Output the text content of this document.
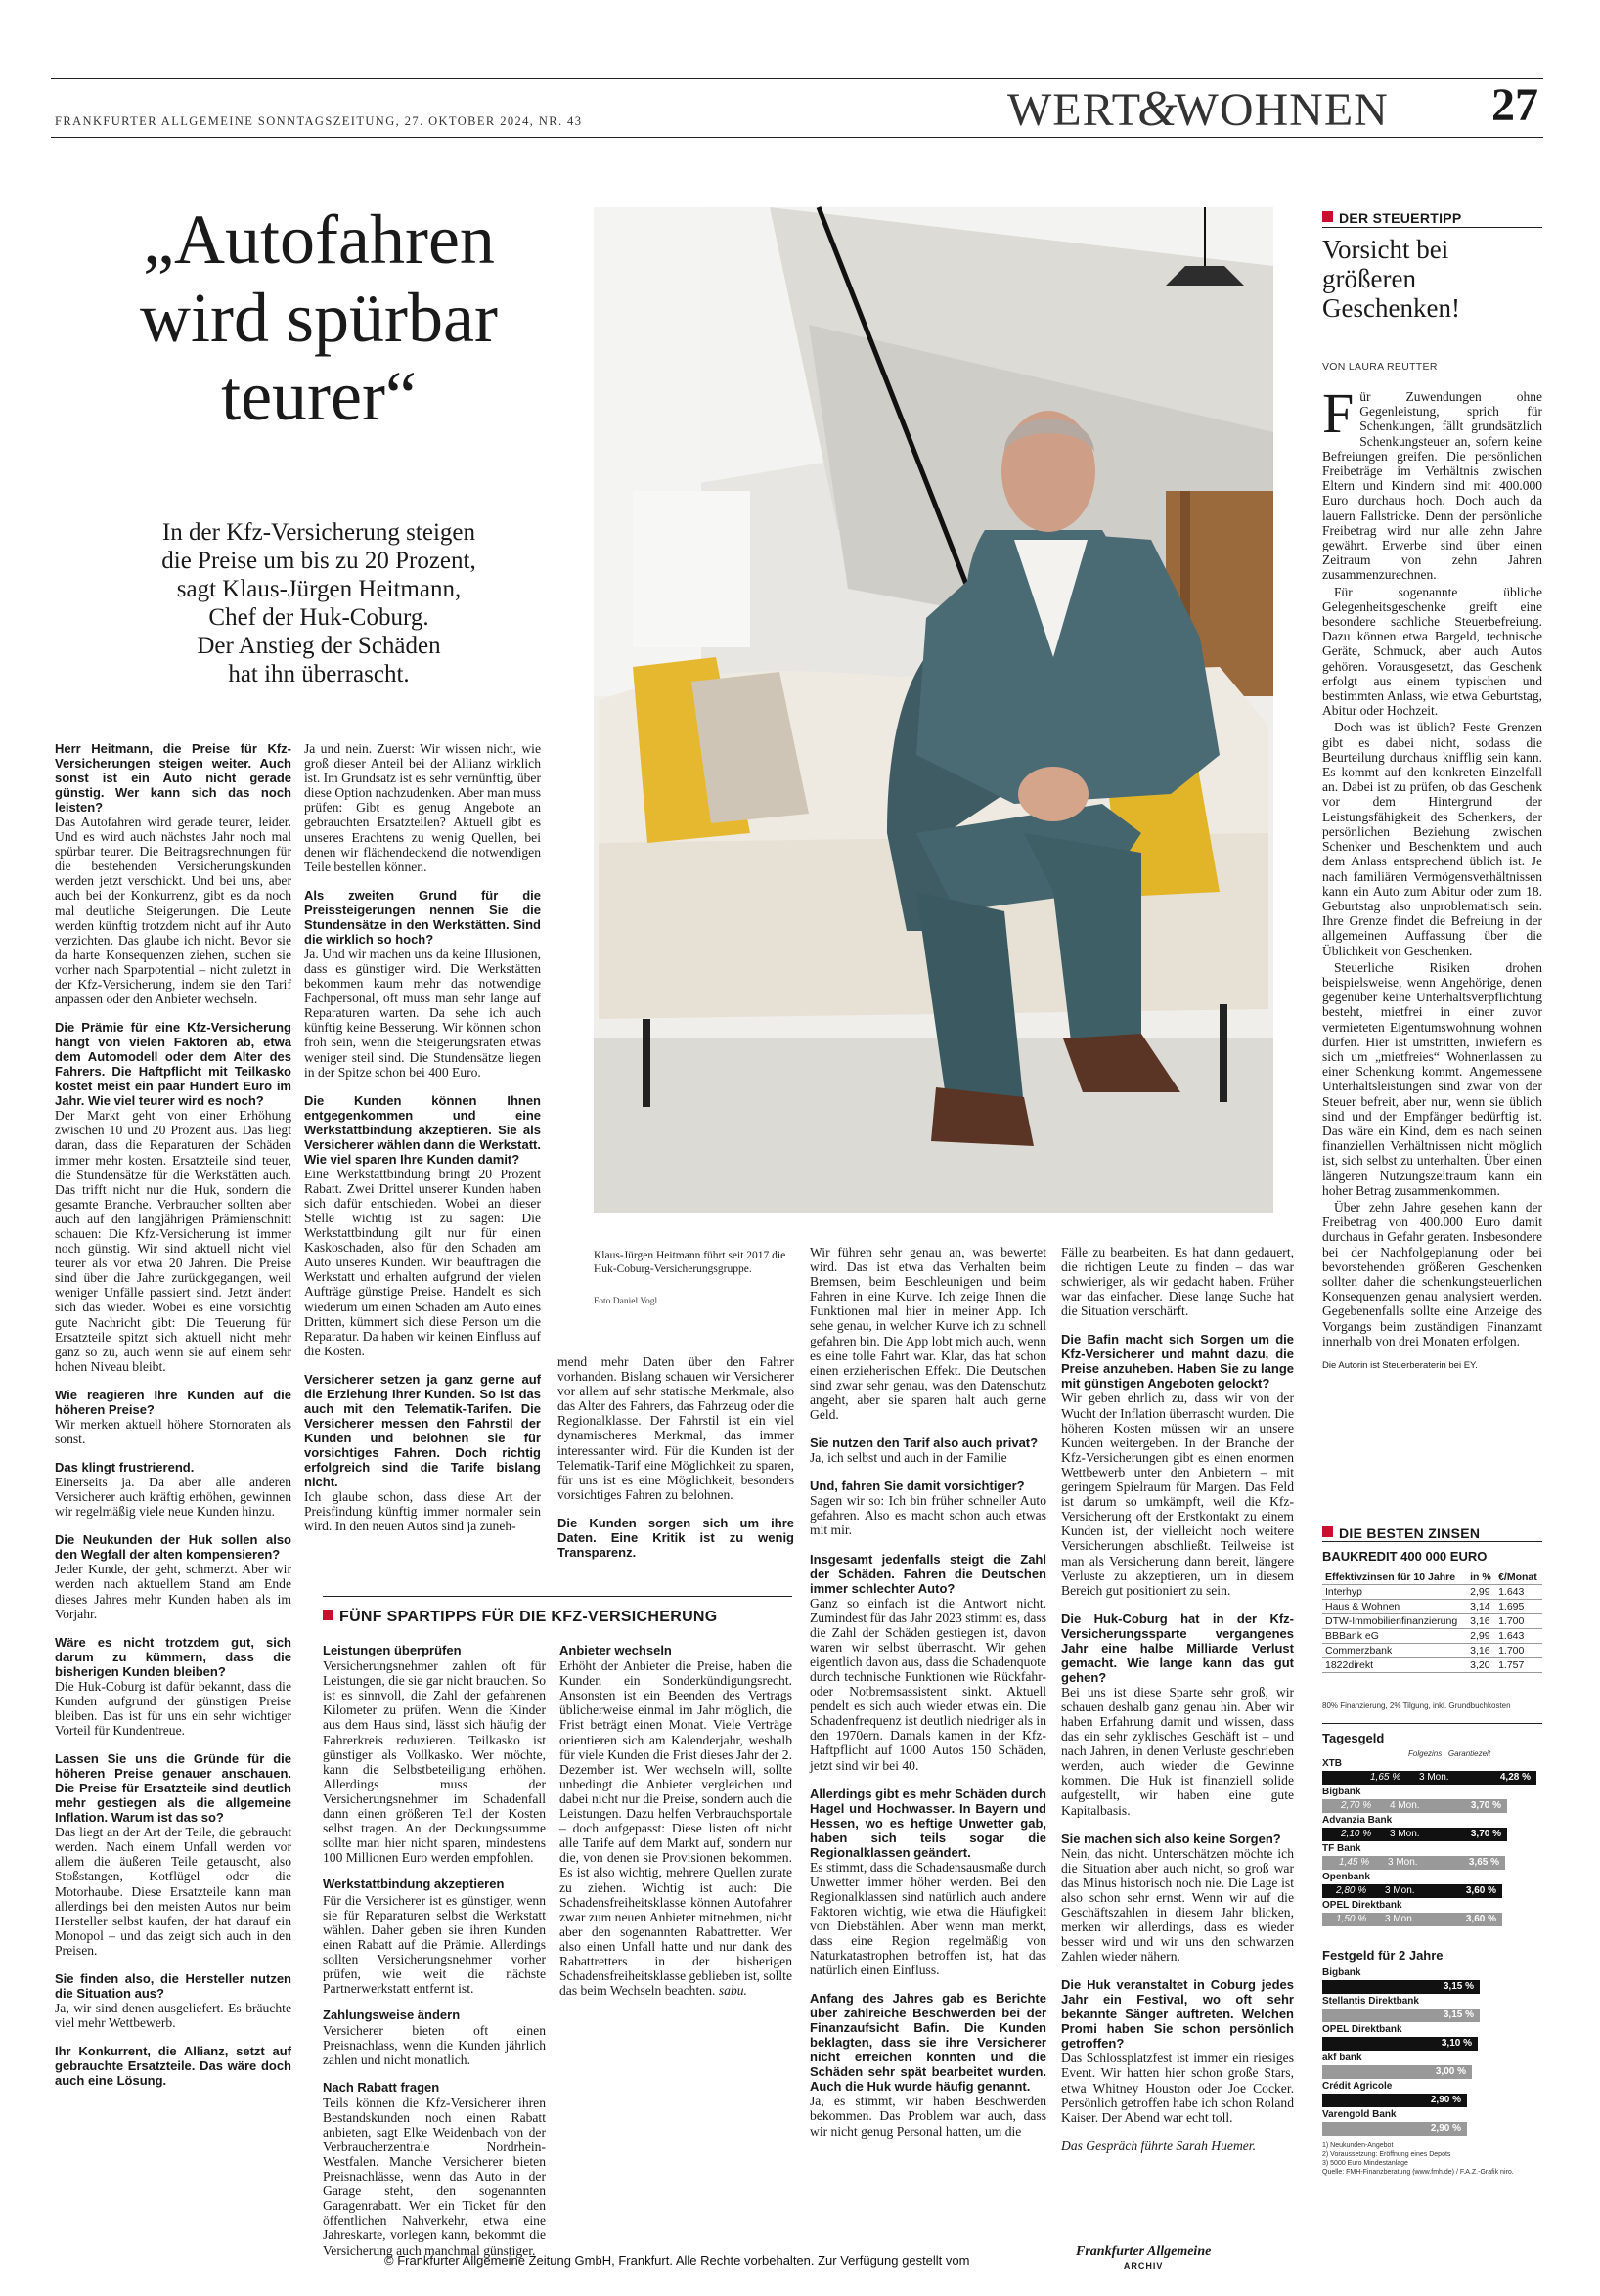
FRANKFURTER ALLGEMEINE SONNTAGSZEITUNG, 27. OKTOBER 2024, NR. 43	WERT&WOHNEN 27
„Autofahren
wird spürbar
teurer“
In der Kfz-Versicherung steigen
die Preise um bis zu 20 Prozent,
sagt Klaus-Jürgen Heitmann,
Chef der Huk-Coburg.
Der Anstieg der Schäden
hat ihn überrascht.
Klaus-Jürgen Heitmann führt seit 2017 die Huk-Coburg-Versicherungsgruppe.
Foto Daniel Vogl

Herr Heitmann, die Preise für Kfz-Versicherungen steigen weiter. Auch sonst ist ein Auto nicht gerade günstig. Wer kann sich das noch leisten?
Das Autofahren wird gerade teurer, leider. Und es wird auch nächstes Jahr noch mal spürbar teurer. Die Beitragsrechnungen für die bestehenden Versicherungskunden werden jetzt verschickt. Und bei uns, aber auch bei der Konkurrenz, gibt es da noch mal deutliche Steigerungen. Die Leute werden künftig trotzdem nicht auf ihr Auto verzichten. Das glaube ich nicht. Bevor sie da harte Konsequenzen ziehen, suchen sie vorher nach Sparpotential – nicht zuletzt in der Kfz-Versicherung, indem sie den Tarif anpassen oder den Anbieter wechseln.

Die Prämie für eine Kfz-Versicherung hängt von vielen Faktoren ab, etwa dem Automodell oder dem Alter des Fahrers. Die Haftpflicht mit Teilkasko kostet meist ein paar Hundert Euro im Jahr. Wie viel teurer wird es noch?
Der Markt geht von einer Erhöhung zwischen 10 und 20 Prozent aus. Das liegt daran, dass die Reparaturen der Schäden immer mehr kosten. Ersatzteile sind teuer, die Stundensätze für die Werkstätten auch. Das trifft nicht nur die Huk, sondern die gesamte Branche. Verbraucher sollten aber auch auf den langjährigen Prämienschnitt schauen: Die Kfz-Versicherung ist immer noch günstig. Wir sind aktuell nicht viel teurer als vor etwa 20 Jahren. Die Preise sind über die Jahre zurückgegangen, weil weniger Unfälle passiert sind. Jetzt ändert sich das wieder. Wobei es eine vorsichtig gute Nachricht gibt: Die Teuerung für Ersatzteile spitzt sich aktuell nicht mehr ganz so zu, auch wenn sie auf einem sehr hohen Niveau bleibt.

Wie reagieren Ihre Kunden auf die höheren Preise?
Wir merken aktuell höhere Stornoraten als sonst.

Das klingt frustrierend.
Einerseits ja. Da aber alle anderen Versicherer auch kräftig erhöhen, gewinnen wir regelmäßig viele neue Kunden hinzu.

Die Neukunden der Huk sollen also den Wegfall der alten kompensieren?
Jeder Kunde, der geht, schmerzt. Aber wir werden nach aktuellem Stand am Ende dieses Jahres mehr Kunden haben als im Vorjahr.

Wäre es nicht trotzdem gut, sich darum zu kümmern, dass die bisherigen Kunden bleiben?
Die Huk-Coburg ist dafür bekannt, dass die Kunden aufgrund der günstigen Preise bleiben. Das ist für uns ein sehr wichtiger Vorteil für Kundentreue.

Lassen Sie uns die Gründe für die höheren Preise genauer anschauen. Die Preise für Ersatzteile sind deutlich mehr gestiegen als die allgemeine Inflation. Warum ist das so?
Das liegt an der Art der Teile, die gebraucht werden. Nach einem Unfall werden vor allem die äußeren Teile getauscht, also Stoßstangen, Kotflügel oder die Motorhaube. Diese Ersatzteile kann man allerdings bei den meisten Autos nur beim Hersteller selbst kaufen, der hat darauf ein Monopol – und das zeigt sich auch in den Preisen.

Sie finden also, die Hersteller nutzen die Situation aus?
Ja, wir sind denen ausgeliefert. Es bräuchte viel mehr Wettbewerb.

Ihr Konkurrent, die Allianz, setzt auf gebrauchte Ersatzteile. Das wäre doch auch eine Lösung.

Ja und nein. Zuerst: Wir wissen nicht, wie groß dieser Anteil bei der Allianz wirklich ist. Im Grundsatz ist es sehr vernünftig, über diese Option nachzudenken. Aber man muss prüfen: Gibt es genug Angebote an gebrauchten Ersatzteilen? Aktuell gibt es unseres Erachtens zu wenig Quellen, bei denen wir flächendeckend die notwendigen Teile bestellen können.

Als zweiten Grund für die Preissteigerungen nennen Sie die Stundensätze in den Werkstätten. Sind die wirklich so hoch?
Ja. Und wir machen uns da keine Illusionen, dass es günstiger wird. Die Werkstätten bekommen kaum mehr das notwendige Fachpersonal, oft muss man sehr lange auf Reparaturen warten. Da sehe ich auch künftig keine Besserung. Wir können schon froh sein, wenn die Steigerungsraten etwas weniger steil sind. Die Stundensätze liegen in der Spitze schon bei 400 Euro.

Die Kunden können Ihnen entgegenkommen und eine Werkstattbindung akzeptieren. Sie als Versicherer wählen dann die Werkstatt. Wie viel sparen Ihre Kunden damit?
Eine Werkstattbindung bringt 20 Prozent Rabatt. Zwei Drittel unserer Kunden haben sich dafür entschieden. Wobei an dieser Stelle wichtig ist zu sagen: Die Werkstattbindung gilt nur für einen Kaskoschaden, also für den Schaden am Auto unseres Kunden. Wir beauftragen die Werkstatt und erhalten aufgrund der vielen Aufträge günstige Preise. Handelt es sich wiederum um einen Schaden am Auto eines Dritten, kümmert sich diese Person um die Reparatur. Da haben wir keinen Einfluss auf die Kosten.

Versicherer setzen ja ganz gerne auf die Erziehung Ihrer Kunden. So ist das auch mit den Telematik-Tarifen. Die Versicherer messen den Fahrstil der Kunden und belohnen sie für vorsichtiges Fahren. Doch richtig erfolgreich sind die Tarife bislang nicht.
Ich glaube schon, dass diese Art der Preisfindung künftig immer normaler sein wird. In den neuen Autos sind ja zuneh-

mend mehr Daten über den Fahrer vorhanden. Bislang schauen wir Versicherer vor allem auf sehr statische Merkmale, also das Alter des Fahrers, das Fahrzeug oder die Regionalklasse. Der Fahrstil ist ein viel dynamischeres Merkmal, das immer interessanter wird. Für die Kunden ist der Telematik-Tarif eine Möglichkeit zu sparen, für uns ist es eine Möglichkeit, besonders vorsichtiges Fahren zu belohnen.

Die Kunden sorgen sich um ihre Daten. Eine Kritik ist zu wenig Transparenz.

Wir führen sehr genau an, was bewertet wird. Das ist etwa das Verhalten beim Bremsen, beim Beschleunigen und beim Fahren in eine Kurve. Ich zeige Ihnen die Funktionen mal hier in meiner App. Ich sehe genau, in welcher Kurve ich zu schnell gefahren bin. Die App lobt mich auch, wenn es eine tolle Fahrt war. Klar, das hat schon einen erzieherischen Effekt. Die Deutschen sind zwar sehr genau, was den Datenschutz angeht, aber sie sparen halt auch gerne Geld.

Sie nutzen den Tarif also auch privat?
Ja, ich selbst und auch in der Familie

Und, fahren Sie damit vorsichtiger?
Sagen wir so: Ich bin früher schneller Auto gefahren. Also es macht schon auch etwas mit mir.

Insgesamt jedenfalls steigt die Zahl der Schäden. Fahren die Deutschen immer schlechter Auto?
Ganz so einfach ist die Antwort nicht. Zumindest für das Jahr 2023 stimmt es, dass die Zahl der Schäden gestiegen ist, davon waren wir selbst überrascht. Wir gehen eigentlich davon aus, dass die Schadenquote durch technische Funktionen wie Rückfahr- oder Notbremsassistent sinkt. Aktuell pendelt es sich auch wieder etwas ein. Die Schadenfrequenz ist deutlich niedriger als in den 1970ern. Damals kamen in der Kfz-Haftpflicht auf 1000 Autos 150 Schäden, jetzt sind wir bei 40.

Allerdings gibt es mehr Schäden durch Hagel und Hochwasser. In Bayern und Hessen, wo es heftige Unwetter gab, haben sich teils sogar die Regionalklassen geändert.
Es stimmt, dass die Schadensausmaße durch Unwetter immer höher werden. Bei den Regionalklassen sind natürlich auch andere Faktoren wichtig, wie etwa die Häufigkeit von Diebstählen. Aber wenn man merkt, dass eine Region regelmäßig von Naturkatastrophen betroffen ist, hat das natürlich einen Einfluss.

Anfang des Jahres gab es Berichte über zahlreiche Beschwerden bei der Finanzaufsicht Bafin. Die Kunden beklagten, dass sie ihre Versicherer nicht erreichen konnten und die Schäden sehr spät bearbeitet wurden. Auch die Huk wurde häufig genannt.
Ja, es stimmt, wir haben Beschwerden bekommen. Das Problem war auch, dass wir nicht genug Personal hatten, um die

Fälle zu bearbeiten. Es hat dann gedauert, die richtigen Leute zu finden – das war schwieriger, als wir gedacht haben. Früher war das einfacher. Diese lange Suche hat die Situation verschärft.

Die Bafin macht sich Sorgen um die Kfz-Versicherer und mahnt dazu, die Preise anzuheben. Haben Sie zu lange mit günstigen Angeboten gelockt?
Wir geben ehrlich zu, dass wir von der Wucht der Inflation überrascht wurden. Die höheren Kosten müssen wir an unsere Kunden weitergeben. In der Branche der Kfz-Versicherungen gibt es einen enormen Wettbewerb unter den Anbietern – mit geringem Spielraum für Margen. Das Feld ist darum so umkämpft, weil die Kfz-Versicherung oft der Erstkontakt zu einem Kunden ist, der vielleicht noch weitere Versicherungen abschließt. Teilweise ist man als Versicherung dann bereit, längere Verluste zu akzeptieren, um in diesem Bereich gut positioniert zu sein.

Die Huk-Coburg hat in der Kfz-Versicherungssparte vergangenes Jahr eine halbe Milliarde Verlust gemacht. Wie lange kann das gut gehen?
Bei uns ist diese Sparte sehr groß, wir schauen deshalb ganz genau hin. Aber wir haben Erfahrung damit und wissen, dass das ein sehr zyklisches Geschäft ist – und nach Jahren, in denen Verluste geschrieben werden, auch wieder die Gewinne kommen. Die Huk ist finanziell solide aufgestellt, wir haben eine gute Kapitalbasis.

Sie machen sich also keine Sorgen?
Nein, das nicht. Unterschätzen möchte ich die Situation aber auch nicht, so groß war das Minus historisch noch nie. Die Lage ist also schon sehr ernst. Wenn wir auf die Geschäftszahlen in diesem Jahr blicken, merken wir allerdings, dass es wieder besser wird und wir uns den schwarzen Zahlen wieder nähern.

Die Huk veranstaltet in Coburg jedes Jahr ein Festival, wo oft sehr bekannte Sänger auftreten. Welchen Promi haben Sie schon persönlich getroffen?
Das Schlossplatzfest ist immer ein riesiges Event. Wir hatten hier schon große Stars, etwa Whitney Houston oder Joe Cocker. Persönlich getroffen habe ich schon Roland Kaiser. Der Abend war echt toll.

Das Gespräch führte Sarah Huemer.

FÜNF SPARTIPPS FÜR DIE KFZ-VERSICHERUNG
Leistungen überprüfen

Versicherungsnehmer zahlen oft für Leistungen, die sie gar nicht brauchen. So ist es sinnvoll, die Zahl der gefahrenen Kilometer zu prüfen. Wenn die Kinder aus dem Haus sind, lässt sich häufig der Fahrerkreis reduzieren. Teilkasko ist günstiger als Vollkasko. Wer möchte, kann die Selbstbeteiligung erhöhen. Allerdings muss der Versicherungsnehmer im Schadenfall dann einen größeren Teil der Kosten selbst tragen. An der Deckungssumme sollte man hier nicht sparen, mindestens 100 Millionen Euro werden empfohlen.

Werkstattbindung akzeptieren

Für die Versicherer ist es günstiger, wenn sie für Reparaturen selbst die Werkstatt wählen. Daher geben sie ihren Kunden einen Rabatt auf die Prämie. Allerdings sollten Versicherungsnehmer vorher prüfen, wie weit die nächste Partnerwerkstatt entfernt ist.

Zahlungsweise ändern

Versicherer bieten oft einen Preisnachlass, wenn die Kunden jährlich zahlen und nicht monatlich.

Nach Rabatt fragen

Teils können die Kfz-Versicherer ihren Bestandskunden noch einen Rabatt anbieten, sagt Elke Weidenbach von der Verbraucherzentrale Nordrhein-Westfalen. Manche Versicherer bieten Preisnachlässe, wenn das Auto in der Garage steht, den sogenannten Garagenrabatt. Wer ein Ticket für den öffentlichen Nahverkehr, etwa eine Jahreskarte, vorlegen kann, bekommt die Versicherung auch manchmal günstiger.

Anbieter wechseln

Erhöht der Anbieter die Preise, haben die Kunden ein Sonderkündigungsrecht. Ansonsten ist ein Beenden des Vertrags üblicherweise einmal im Jahr möglich, die Frist beträgt einen Monat. Viele Verträge orientieren sich am Kalenderjahr, weshalb für viele Kunden die Frist dieses Jahr der 2. Dezember ist. Wer wechseln will, sollte unbedingt die Anbieter vergleichen und dabei nicht nur die Preise, sondern auch die Leistungen. Dazu helfen Verbrauchsportale – doch aufgepasst: Diese listen oft nicht alle Tarife auf dem Markt auf, sondern nur die, von denen sie Provisionen bekommen. Es ist also wichtig, mehrere Quellen zurate zu ziehen. Wichtig ist auch: Die Schadensfreiheitsklasse können Autofahrer zwar zum neuen Anbieter mitnehmen, nicht aber den sogenannten Rabattretter. Wer also einen Unfall hatte und nur dank des Rabattretters in der bisherigen Schadensfreiheitsklasse geblieben ist, sollte das beim Wechseln beachten. sabu.

DER STEUERTIPP
Vorsicht bei
größeren
Geschenken!
VON LAURA REUTTER
F ür Zuwendungen ohne Gegenleistung, sprich für Schenkungen, fällt grundsätzlich Schenkungsteuer an, sofern keine Befreiungen greifen. Die persönlichen Freibeträge im Verhältnis zwischen Eltern und Kindern sind mit 400.000 Euro durchaus hoch. Doch auch da lauern Fallstricke. Denn der persönliche Freibetrag wird nur alle zehn Jahre gewährt. Erwerbe sind über einen Zeitraum von zehn Jahren zusammenzurechnen.

Für sogenannte übliche Gelegenheitsgeschenke greift eine besondere sachliche Steuerbefreiung. Dazu können etwa Bargeld, technische Geräte, Schmuck, aber auch Autos gehören. Vorausgesetzt, das Geschenk erfolgt aus einem typischen und bestimmten Anlass, wie etwa Geburtstag, Abitur oder Hochzeit.

Doch was ist üblich? Feste Grenzen gibt es dabei nicht, sodass die Beurteilung durchaus knifflig sein kann. Es kommt auf den konkreten Einzelfall an. Dabei ist zu prüfen, ob das Geschenk vor dem Hintergrund der Leistungsfähigkeit des Schenkers, der persönlichen Beziehung zwischen Schenker und Beschenktem und auch dem Anlass entsprechend üblich ist. Je nach familiären Vermögensverhältnissen kann ein Auto zum Abitur oder zum 18. Geburtstag also unproblematisch sein. Ihre Grenze findet die Befreiung in der allgemeinen Auffassung über die Üblichkeit von Geschenken.

Steuerliche Risiken drohen beispielsweise, wenn Angehörige, denen gegenüber keine Unterhaltsverpflichtung besteht, mietfrei in einer zuvor vermieteten Eigentumswohnung wohnen dürfen. Hier ist umstritten, inwiefern es sich um „mietfreies“ Wohnenlassen zu einer Schenkung kommt. Angemessene Unterhaltsleistungen sind zwar von der Steuer befreit, aber nur, wenn sie üblich sind und der Empfänger bedürftig ist. Das wäre ein Kind, dem es nach seinen finanziellen Verhältnissen nicht möglich ist, sich selbst zu unterhalten. Über einen längeren Nutzungszeitraum kann ein hoher Betrag zusammenkommen.

Über zehn Jahre gesehen kann der Freibetrag von 400.000 Euro damit durchaus in Gefahr geraten. Insbesondere bei der Nachfolgeplanung oder bei bevorstehenden größeren Geschenken sollten daher die schenkungsteuerlichen Konsequenzen genau analysiert werden. Gegebenenfalls sollte eine Anzeige des Vorgangs beim zuständigen Finanzamt innerhalb von drei Monaten erfolgen.

Die Autorin ist Steuerberaterin bei EY.

DIE BESTEN ZINSEN
BAUKREDIT 400 000 EURO
Effektivzinsen für 10 Jahre	in %	€/Monat
Interhyp	2,99	1.643
Haus & Wohnen	3,14	1.695
DTW-Immobilienfinanzierung	3,16	1.700
BBBank eG	2,99	1.643
Commerzbank	3,16	1.700
1822direkt	3,20	1.757
80% Finanzierung, 2% Tilgung, inkl. Grundbuchkosten
Tagesgeld
Folgezins Garantiezeit
XTB
1,65 % 3 Mon.	4,28 %
Bigbank
2,70 % 4 Mon.	3,70 %
Advanzia Bank
2,10 % 3 Mon.	3,70 %
TF Bank
1,45 % 3 Mon.	3,65 %
Openbank
2,80 % 3 Mon.	3,60 %
OPEL Direktbank
1,50 % 3 Mon.	3,60 %
Festgeld für 2 Jahre
Bigbank
3,15 %
Stellantis Direktbank
3,15 %
OPEL Direktbank
3,10 %
akf bank
3,00 %
Crédit Agricole
2,90 %
Varengold Bank
2,90 %
1) Neukunden-Angebot
2) Voraussetzung: Eröffnung eines Depots
3) 5000 Euro Mindestanlage
Quelle: FMH-Finanzberatung (www.fmh.de) / F.A.Z.-Grafik niro.
© Frankfurter Allgemeine Zeitung GmbH, Frankfurt. Alle Rechte vorbehalten. Zur Verfügung gestellt vom
Frankfurter Allgemeine
ARCHIV
